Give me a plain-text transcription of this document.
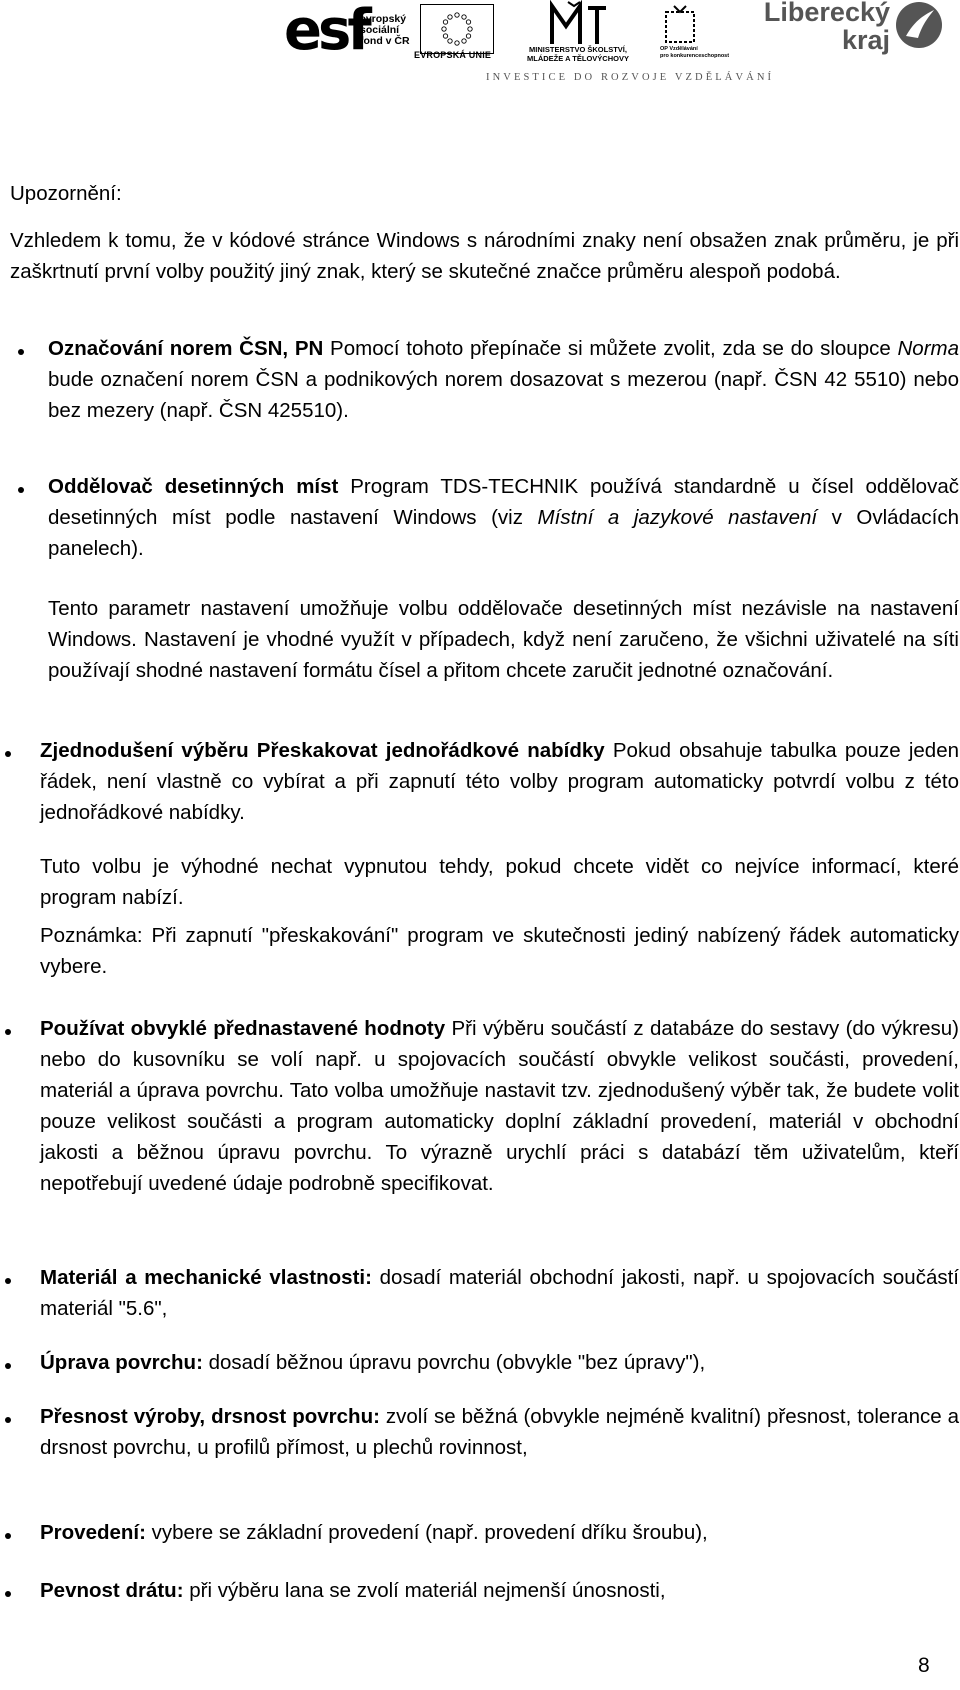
esf
evropský
sociální
fond v ČR
EVROPSKÁ UNIE
MINISTERSTVO ŠKOLSTVÍ,
MLÁDEŽE A TĚLOVÝCHOVY
OP Vzdělávání
pro konkurenceschopnost
Liberecký
kraj
INVESTICE DO ROZVOJE VZDĚLÁVÁNÍ

Upozornění:

Vzhledem k tomu, že v kódové stránce Windows s národními znaky není obsažen znak průměru, je při zaškrtnutí první volby použitý jiný znak, který se skutečné značce průměru alespoň podobá.

Označování norem ČSN, PN Pomocí tohoto přepínače si můžete zvolit, zda se do sloupce Norma bude označení norem ČSN a podnikových norem dosazovat s mezerou (např. ČSN 42 5510) nebo bez mezery (např. ČSN 425510).

Oddělovač desetinných míst Program TDS-TECHNIK používá standardně u čísel oddělovač desetinných míst podle nastavení Windows (viz Místní a jazykové nastavení v Ovládacích panelech).

Tento parametr nastavení umožňuje volbu oddělovače desetinných míst nezávisle na nastavení Windows. Nastavení je vhodné využít v případech, když není zaručeno, že všichni uživatelé na síti používají shodné nastavení formátu čísel a přitom chcete zaručit jednotné označování.

Zjednodušení výběru Přeskakovat jednořádkové nabídky Pokud obsahuje tabulka pouze jeden řádek, není vlastně co vybírat a při zapnutí této volby program automaticky potvrdí volbu z této jednořádkové nabídky.

Tuto volbu je výhodné nechat vypnutou tehdy, pokud chcete vidět co nejvíce informací, které program nabízí.

Poznámka: Při zapnutí "přeskakování" program ve skutečnosti jediný nabízený řádek automaticky vybere.

Používat obvyklé přednastavené hodnoty Při výběru součástí z databáze do sestavy (do výkresu) nebo do kusovníku se volí např. u spojovacích součástí obvykle velikost součásti, provedení, materiál a úprava povrchu. Tato volba umožňuje nastavit tzv. zjednodušený výběr tak, že budete volit pouze velikost součásti a program automaticky doplní základní provedení, materiál v obchodní jakosti a běžnou úpravu povrchu. To výrazně urychlí práci s databází těm uživatelům, kteří nepotřebují uvedené údaje podrobně specifikovat.

Materiál a mechanické vlastnosti: dosadí materiál obchodní jakosti, např. u spojovacích součástí materiál "5.6",

Úprava povrchu: dosadí běžnou úpravu povrchu (obvykle "bez úpravy"),

Přesnost výroby, drsnost povrchu: zvolí se běžná (obvykle nejméně kvalitní) přesnost, tolerance a drsnost povrchu, u profilů přímost, u plechů rovinnost,

Provedení: vybere se základní provedení (např. provedení dříku šroubu),

Pevnost drátu: při výběru lana se zvolí materiál nejmenší únosnosti,

8
